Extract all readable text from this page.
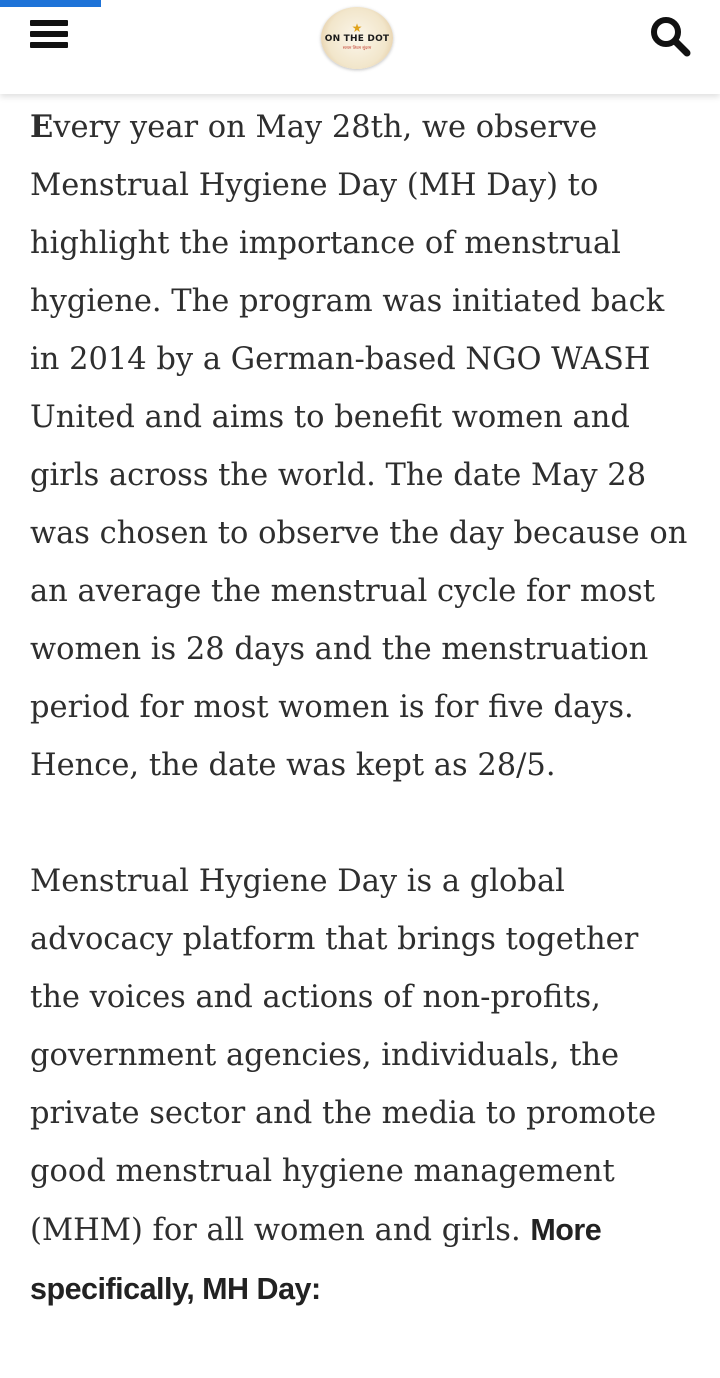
★
ON THE DOT
सत्यम शिवम सुंदरम

Every year on May 28th, we observe Menstrual Hygiene Day (MH Day) to highlight the importance of menstrual hygiene. The program was initiated back in 2014 by a German-based NGO WASH United and aims to benefit women and girls across the world. The date May 28 was chosen to observe the day because on an average the menstrual cycle for most women is 28 days and the menstruation period for most women is for five days. Hence, the date was kept as 28/5.

Menstrual Hygiene Day is a global advocacy platform that brings together the voices and actions of non-profits, government agencies, individuals, the private sector and the media to promote good menstrual hygiene management (MHM) for all women and girls. More specifically, MH Day:
